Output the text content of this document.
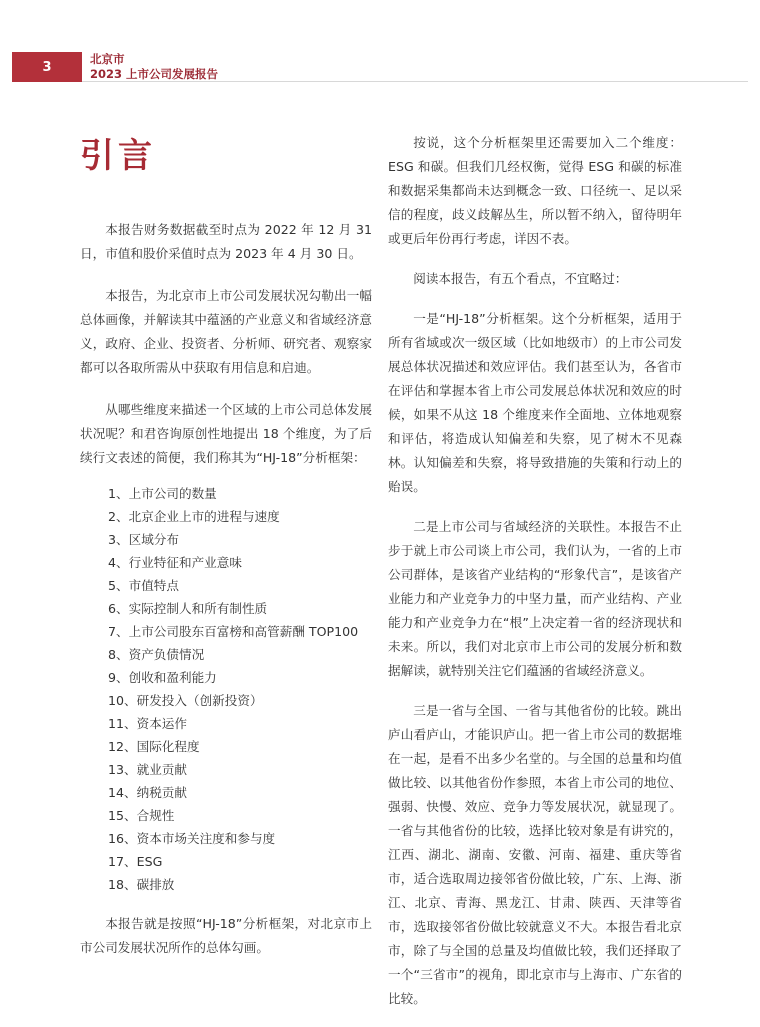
3
北京市
2023 上市公司发展报告
引言

本报告财务数据截至时点为 2022 年 12 月 31 日，市值和股价采值时点为 2023 年 4 月 30 日。

本报告，为北京市上市公司发展状况勾勒出一幅总体画像，并解读其中蕴涵的产业意义和省域经济意义，政府、企业、投资者、分析师、研究者、观察家都可以各取所需从中获取有用信息和启迪。

从哪些维度来描述一个区域的上市公司总体发展状况呢？和君咨询原创性地提出 18 个维度，为了后续行文表述的简便，我们称其为“HJ-18”分析框架：

1、上市公司的数量
2、北京企业上市的进程与速度
3、区域分布
4、行业特征和产业意味
5、市值特点
6、实际控制人和所有制性质
7、上市公司股东百富榜和高管薪酬 TOP100
8、资产负债情况
9、创收和盈利能力
10、研发投入（创新投资）
11、资本运作
12、国际化程度
13、就业贡献
14、纳税贡献
15、合规性
16、资本市场关注度和参与度
17、ESG
18、碳排放

本报告就是按照“HJ-18”分析框架，对北京市上市公司发展状况所作的总体勾画。

按说，这个分析框架里还需要加入二个维度：ESG 和碳。但我们几经权衡，觉得 ESG 和碳的标准和数据采集都尚未达到概念一致、口径统一、足以采信的程度，歧义歧解丛生，所以暂不纳入，留待明年或更后年份再行考虑，详因不表。

阅读本报告，有五个看点，不宜略过：

一是“HJ-18”分析框架。这个分析框架，适用于所有省域或次一级区域（比如地级市）的上市公司发展总体状况描述和效应评估。我们甚至认为，各省市在评估和掌握本省上市公司发展总体状况和效应的时候，如果不从这 18 个维度来作全面地、立体地观察和评估，将造成认知偏差和失察，见了树木不见森林。认知偏差和失察，将导致措施的失策和行动上的贻误。

二是上市公司与省域经济的关联性。本报告不止步于就上市公司谈上市公司，我们认为，一省的上市公司群体，是该省产业结构的“形象代言”，是该省产业能力和产业竞争力的中坚力量，而产业结构、产业能力和产业竞争力在“根”上决定着一省的经济现状和未来。所以，我们对北京市上市公司的发展分析和数据解读，就特别关注它们蕴涵的省域经济意义。

三是一省与全国、一省与其他省份的比较。跳出庐山看庐山，才能识庐山。把一省上市公司的数据堆在一起，是看不出多少名堂的。与全国的总量和均值做比较、以其他省份作参照，本省上市公司的地位、强弱、快慢、效应、竞争力等发展状况，就显现了。一省与其他省份的比较，选择比较对象是有讲究的，江西、湖北、湖南、安徽、河南、福建、重庆等省市，适合选取周边接邻省份做比较，广东、上海、浙江、北京、青海、黑龙江、甘肃、陕西、天津等省市，选取接邻省份做比较就意义不大。本报告看北京市，除了与全国的总量及均值做比较，我们还择取了一个“三省市”的视角，即北京市与上海市、广东省的比较。
